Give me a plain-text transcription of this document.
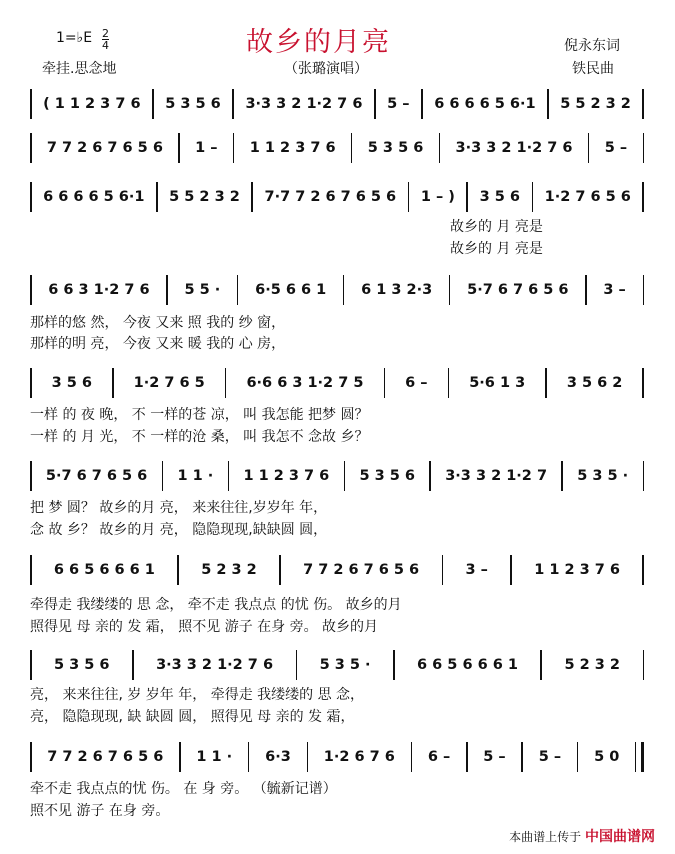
故乡的月亮
1=♭E $\frac{2}{4}$
牵挂.思念地	（张璐演唱）
倪永东词
铁民曲
( 1 1 2 3 7 6	5 3 5 6	3·3 3 2 1·2 7 6	5 –	6 6 6 6 5 6·1	5 5 2 3 2
7 7 2 6 7 6 5 6	1 –	1 1 2 3 7 6	5 3 5 6	3·3 3 2 1·2 7 6	5 –
6 6 6 6 5 6·1	5 5 2 3 2	7·7 7 2 6 7 6 5 6	1 – )	3 5 6	1·2 7 6 5 6
故乡的 月 亮是
故乡的 月 亮是
6 6 3 1·2 7 6	5 5 ·	6·5 6 6 1	6 1 3 2·3	5·7 6 7 6 5 6	3 –
那样的悠 然， 今夜 又来 照 我的 纱 窗，
那样的明 亮， 今夜 又来 暖 我的 心 房，
3 5 6	1·2 7 6 5	6·6 6 3 1·2 7 5	6 –	5·6 1 3	3 5 6 2
一样 的 夜 晚， 不 一样的苍 凉， 叫 我怎能 把梦 圆？
一样 的 月 光， 不 一样的沧 桑， 叫 我怎不 念故 乡？
5·7 6 7 6 5 6	1 1 ·	1 1 2 3 7 6	5 3 5 6	3·3 3 2 1·2 7	5 3 5 ·
把 梦 圆？ 故乡的月 亮， 来来往往,岁岁年 年，
念 故 乡？ 故乡的月 亮， 隐隐现现,缺缺圆 圆，
6 6 5 6 6 6 1	5 2 3 2	7 7 2 6 7 6 5 6	3 –	1 1 2 3 7 6
牵得走 我缕缕的 思 念， 牵不走 我点点 的忧 伤。 故乡的月
照得见 母 亲的 发 霜， 照不见 游子 在身 旁。 故乡的月
5 3 5 6	3·3 3 2 1·2 7 6	5 3 5 ·	6 6 5 6 6 6 1	5 2 3 2
亮， 来来往往, 岁 岁年 年， 牵得走 我缕缕的 思 念，
亮， 隐隐现现, 缺 缺圆 圆， 照得见 母 亲的 发 霜，
7 7 2 6 7 6 5 6	1 1 ·	6·3	1·2 6 7 6	6 –	5 –	5 –	5 0
牵不走 我点点的忧 伤。 在 身 旁。 （毓新记谱）
照不见 游子 在身 旁。
本曲谱上传于 中国曲谱网
